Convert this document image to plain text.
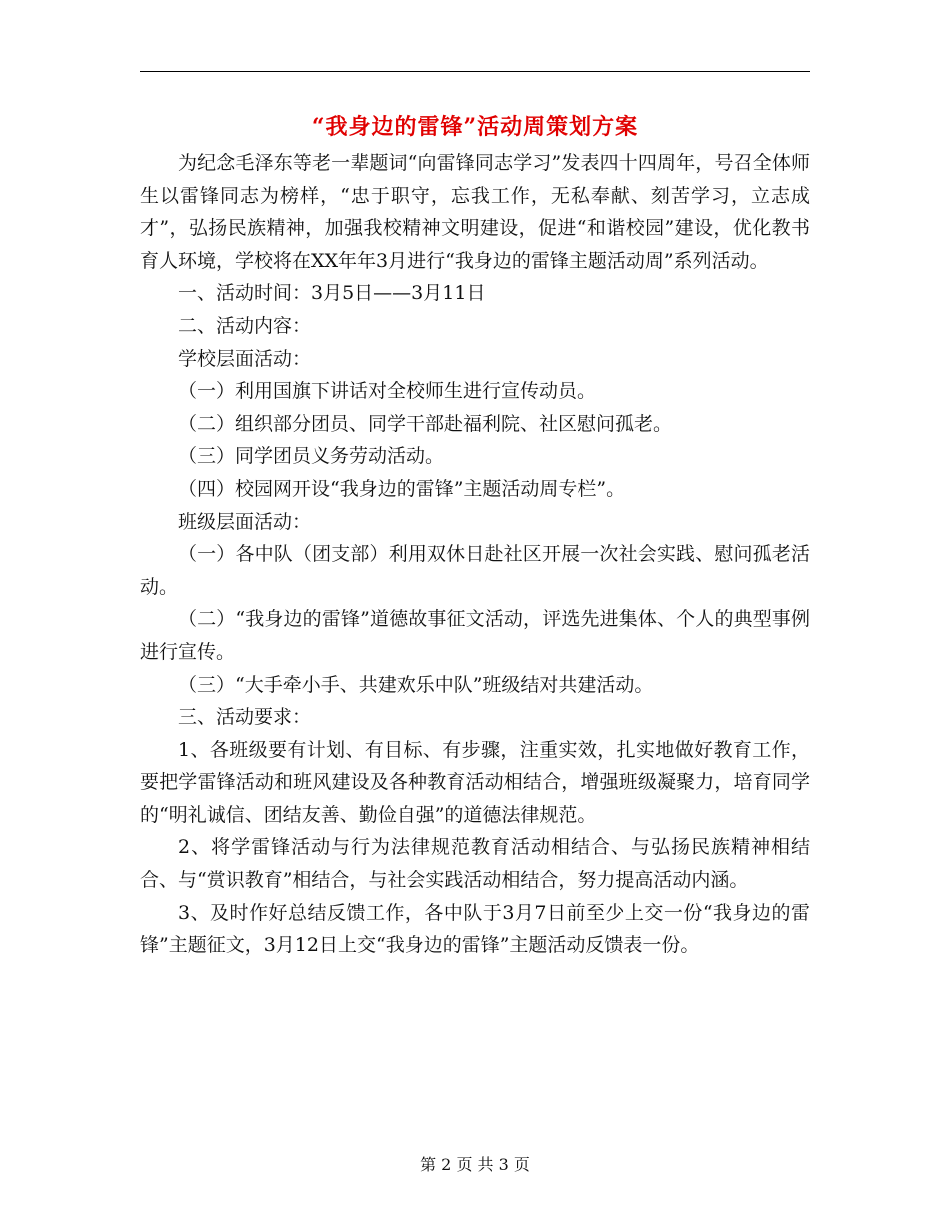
“我身边的雷锋”活动周策划方案

为纪念毛泽东等老一辈题词“向雷锋同志学习”发表四十四周年，号召全体师生以雷锋同志为榜样，“忠于职守，忘我工作，无私奉献、刻苦学习，立志成才”，弘扬民族精神，加强我校精神文明建设，促进“和谐校园”建设，优化教书育人环境，学校将在XX年年3月进行“我身边的雷锋主题活动周”系列活动。

一、活动时间：3月5日——3月11日

二、活动内容：

学校层面活动：

（一）利用国旗下讲话对全校师生进行宣传动员。

（二）组织部分团员、同学干部赴福利院、社区慰问孤老。

（三）同学团员义务劳动活动。

（四）校园网开设“我身边的雷锋”主题活动周专栏”。

班级层面活动：

（一）各中队（团支部）利用双休日赴社区开展一次社会实践、慰问孤老活动。

（二）“我身边的雷锋”道德故事征文活动，评选先进集体、个人的典型事例进行宣传。

（三）“大手牵小手、共建欢乐中队”班级结对共建活动。

三、活动要求：

1、各班级要有计划、有目标、有步骤，注重实效，扎实地做好教育工作，要把学雷锋活动和班风建设及各种教育活动相结合，增强班级凝聚力，培育同学的“明礼诚信、团结友善、勤俭自强”的道德法律规范。

2、将学雷锋活动与行为法律规范教育活动相结合、与弘扬民族精神相结合、与“赏识教育”相结合，与社会实践活动相结合，努力提高活动内涵。

3、及时作好总结反馈工作，各中队于3月7日前至少上交一份“我身边的雷锋”主题征文，3月12日上交“我身边的雷锋”主题活动反馈表一份。

第 2 页 共 3 页
